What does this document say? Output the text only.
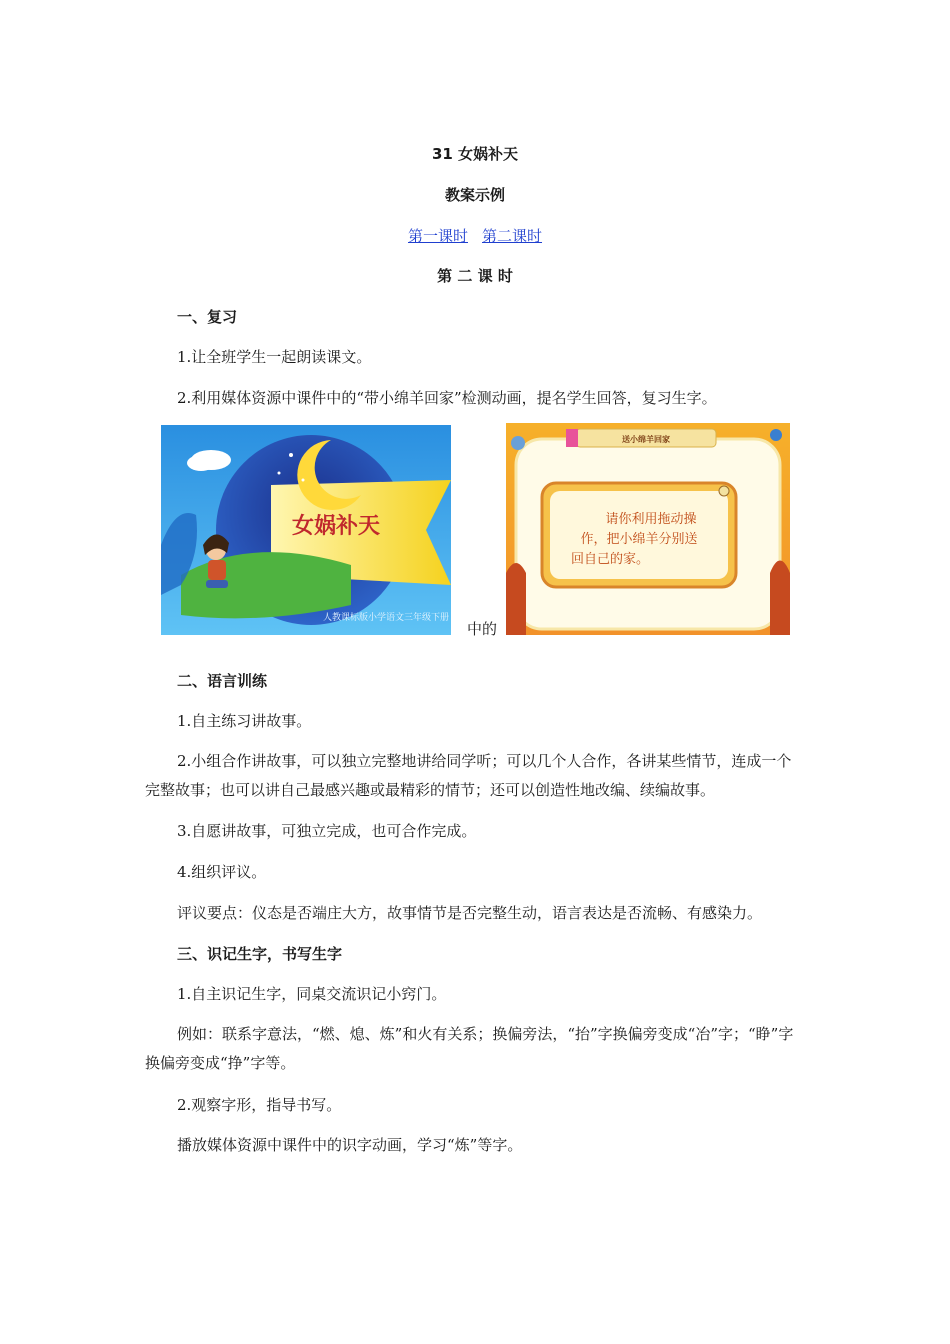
31 女娲补天
教案示例
第一课时 第二课时
第 二 课 时
一、复习
1.让全班学生一起朗读课文。
2.利用媒体资源中课件中的“带小绵羊回家”检测动画，提名学生回答，复习生字。
女娲补天
人教课标版小学语文三年级下册
中的
送小绵羊回家
请你利用拖动操
作，把小绵羊分别送
回自己的家。
二、语言训练
1.自主练习讲故事。
2.小组合作讲故事，可以独立完整地讲给同学听；可以几个人合作，各讲某些情节，连成一个完整故事；也可以讲自己最感兴趣或最精彩的情节；还可以创造性地改编、续编故事。
3.自愿讲故事，可独立完成，也可合作完成。
4.组织评议。
评议要点：仪态是否端庄大方，故事情节是否完整生动，语言表达是否流畅、有感染力。
三、识记生字，书写生字
1.自主识记生字，同桌交流识记小窍门。
例如：联系字意法，“燃、熄、炼”和火有关系；换偏旁法，“抬”字换偏旁变成“冶”字；“睁”字换偏旁变成“挣”字等。
2.观察字形，指导书写。
播放媒体资源中课件中的识字动画，学习“炼”等字。
